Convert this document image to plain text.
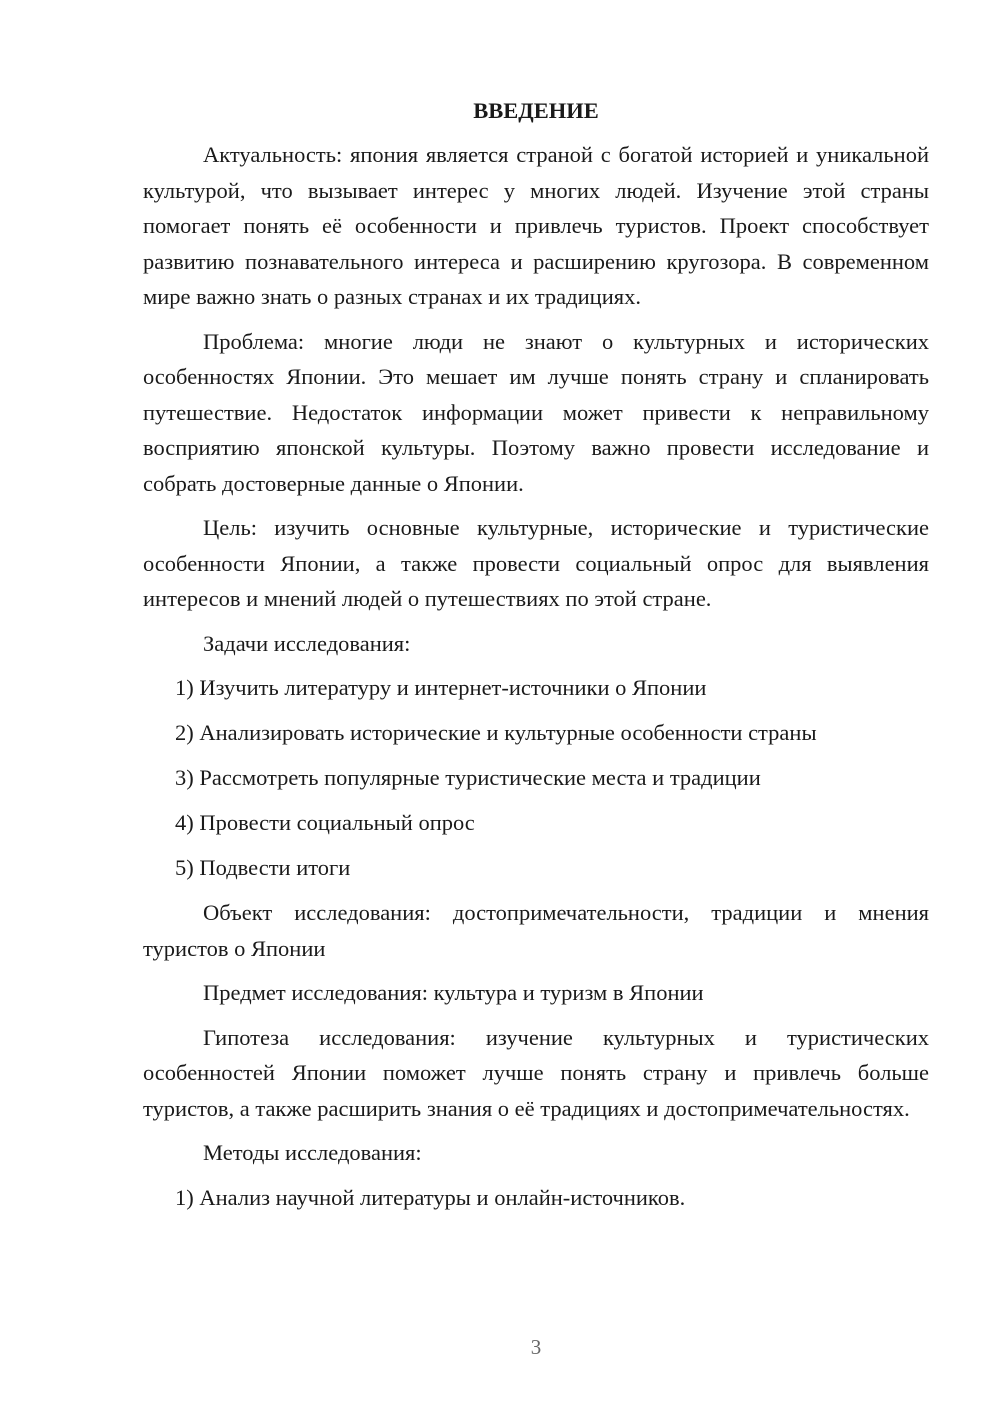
ВВЕДЕНИЕ

Актуальность: япония является страной с богатой историей и уникальной культурой, что вызывает интерес у многих людей. Изучение этой страны помогает понять её особенности и привлечь туристов. Проект способствует развитию познавательного интереса и расширению кругозора. В современном мире важно знать о разных странах и их традициях.

Проблема: многие люди не знают о культурных и исторических особенностях Японии. Это мешает им лучше понять страну и спланировать путешествие. Недостаток информации может привести к неправильному восприятию японской культуры. Поэтому важно провести исследование и собрать достоверные данные о Японии.

Цель: изучить основные культурные, исторические и туристические особенности Японии, а также провести социальный опрос для выявления интересов и мнений людей о путешествиях по этой стране.

Задачи исследования:

1) Изучить литературу и интернет-источники о Японии
2) Анализировать исторические и культурные особенности страны
3) Рассмотреть популярные туристические места и традиции
4) Провести социальный опрос
5) Подвести итоги

Объект исследования: достопримечательности, традиции и мнения туристов о Японии

Предмет исследования: культура и туризм в Японии

Гипотеза исследования: изучение культурных и туристических особенностей Японии поможет лучше понять страну и привлечь больше туристов, а также расширить знания о её традициях и достопримечательностях.

Методы исследования:

1) Анализ научной литературы и онлайн-источников.
3
